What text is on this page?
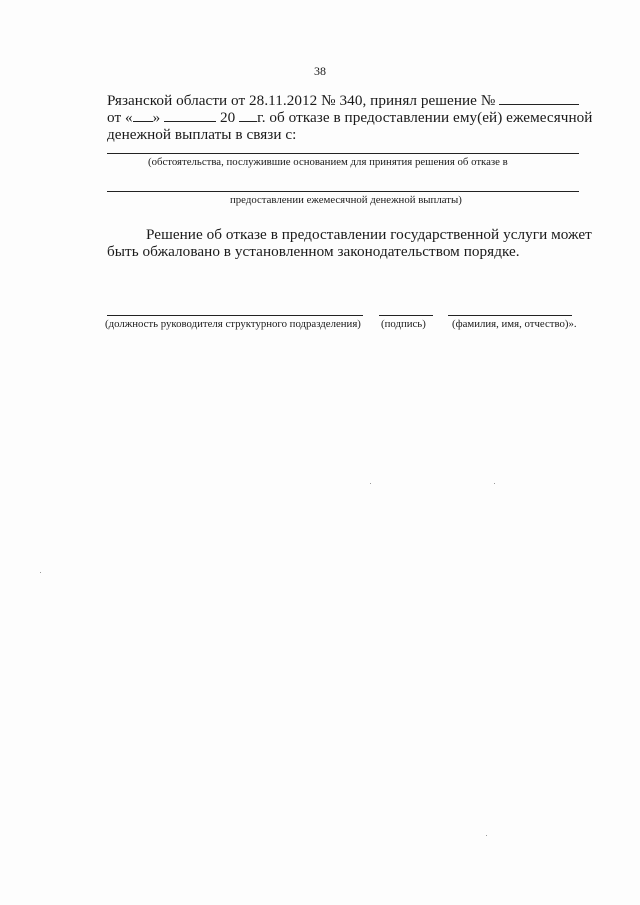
38
Рязанской области от 28.11.2012 № 340, принял решение №
от « »	20 г. об отказе в предоставлении ему(ей) ежемесячной
денежной выплаты в связи с:
(обстоятельства, послужившие основанием для принятия решения об отказе в
предоставлении ежемесячной денежной выплаты)
Решение об отказе в предоставлении государственной услуги может
быть обжаловано в установленном законодательством порядке.
(должность руководителя структурного подразделения) (подпись) (фамилия, имя, отчество)».
